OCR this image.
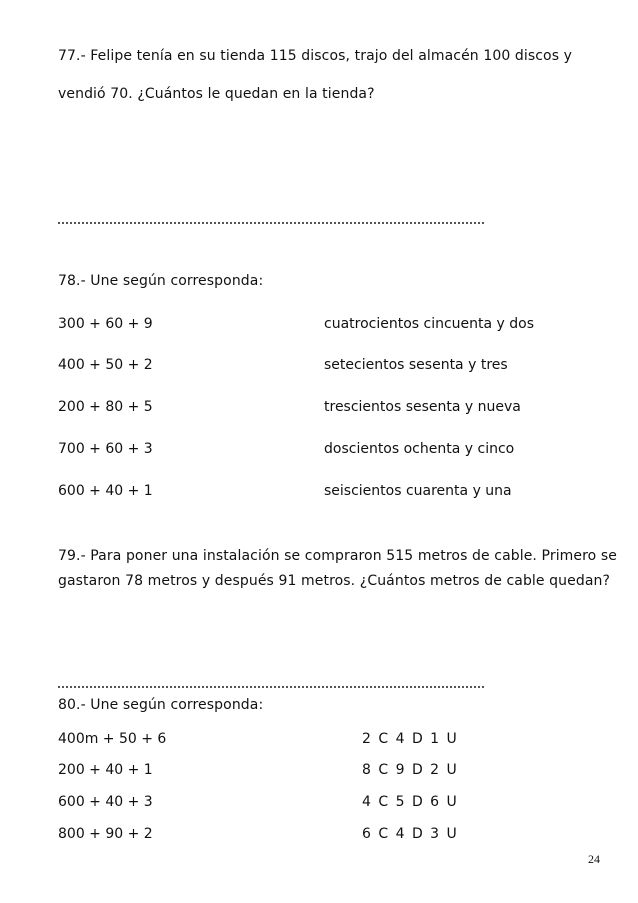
77.- Felipe tenía en su tienda 115 discos, trajo del almacén 100 discos y
vendió 70. ¿Cuántos le quedan en la tienda?
78.- Une según corresponda:
300 + 60 + 9	cuatrocientos cincuenta y dos
400 + 50 + 2	setecientos sesenta y tres
200 + 80 + 5	trescientos sesenta y nueva
700 + 60 + 3	doscientos ochenta y cinco
600 + 40 + 1	seiscientos cuarenta y una
79.- Para poner una instalación se compraron 515 metros de cable. Primero se
gastaron 78 metros y después 91 metros. ¿Cuántos metros de cable quedan?
80.- Une según corresponda:
400m + 50 + 6	2 C 4 D 1 U
200 + 40 + 1	8 C 9 D 2 U
600 + 40 + 3	4 C 5 D 6 U
800 + 90 + 2	6 C 4 D 3 U
24
